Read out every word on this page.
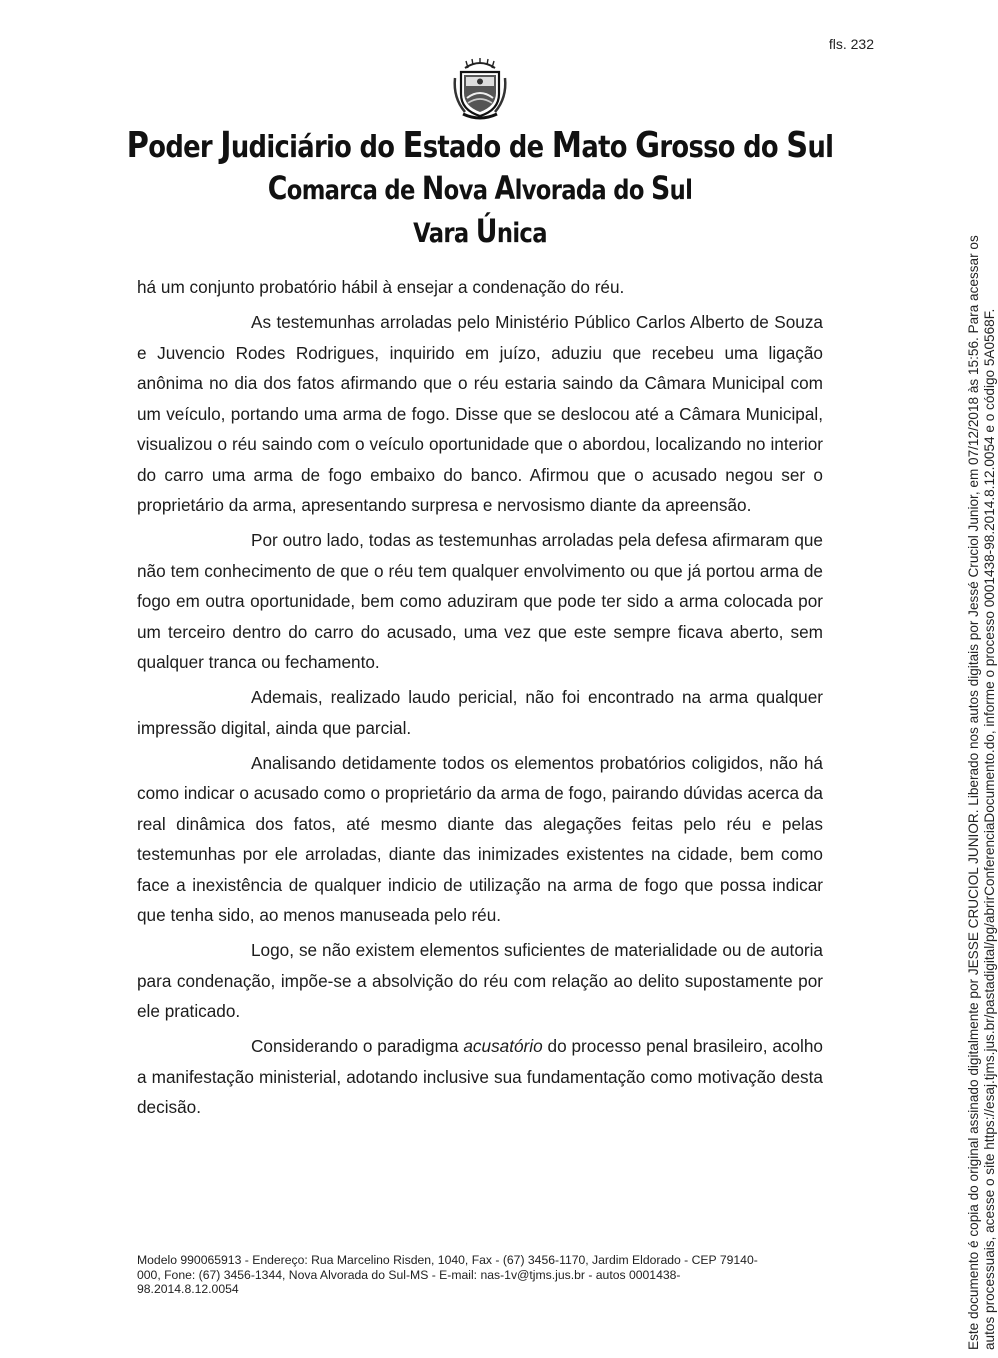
fls. 232
Poder Judiciário do Estado de Mato Grosso do Sul
Comarca de Nova Alvorada do Sul
Vara Única

há um conjunto probatório hábil à ensejar a condenação do réu.

As testemunhas arroladas pelo Ministério Público Carlos Alberto de Souza e Juvencio Rodes Rodrigues, inquirido em juízo, aduziu que recebeu uma ligação anônima no dia dos fatos afirmando que o réu estaria saindo da Câmara Municipal com um veículo, portando uma arma de fogo. Disse que se deslocou até a Câmara Municipal, visualizou o réu saindo com o veículo oportunidade que o abordou, localizando no interior do carro uma arma de fogo embaixo do banco. Afirmou que o acusado negou ser o proprietário da arma, apresentando surpresa e nervosismo diante da apreensão.

Por outro lado, todas as testemunhas arroladas pela defesa afirmaram que não tem conhecimento de que o réu tem qualquer envolvimento ou que já portou arma de fogo em outra oportunidade, bem como aduziram que pode ter sido a arma colocada por um terceiro dentro do carro do acusado, uma vez que este sempre ficava aberto, sem qualquer tranca ou fechamento.

Ademais, realizado laudo pericial, não foi encontrado na arma qualquer impressão digital, ainda que parcial.

Analisando detidamente todos os elementos probatórios coligidos, não há como indicar o acusado como o proprietário da arma de fogo, pairando dúvidas acerca da real dinâmica dos fatos, até mesmo diante das alegações feitas pelo réu e pelas testemunhas por ele arroladas, diante das inimizades existentes na cidade, bem como face a inexistência de qualquer indicio de utilização na arma de fogo que possa indicar que tenha sido, ao menos manuseada pelo réu.

Logo, se não existem elementos suficientes de materialidade ou de autoria para condenação, impõe-se a absolvição do réu com relação ao delito supostamente por ele praticado.

Considerando o paradigma acusatório do processo penal brasileiro, acolho a manifestação ministerial, adotando inclusive sua fundamentação como motivação desta decisão.

Modelo 990065913 - Endereço: Rua Marcelino Risden, 1040, Fax - (67) 3456-1170, Jardim Eldorado - CEP 79140-000, Fone: (67) 3456-1344, Nova Alvorada do Sul-MS - E-mail: nas-1v@tjms.jus.br - autos 0001438-98.2014.8.12.0054	Este documento é copia do original assinado digitalmente por JESSE CRUCIOL JUNIOR. Liberado nos autos digitais por Jessé Cruciol Junior, em 07/12/2018 às 15:56. Para acessar os autos processuais, acesse o site https://esaj.tjms.jus.br/pastadigital/pg/abrirConferenciaDocumento.do, informe o processo 0001438-98.2014.8.12.0054 e o código 5A0568F.
